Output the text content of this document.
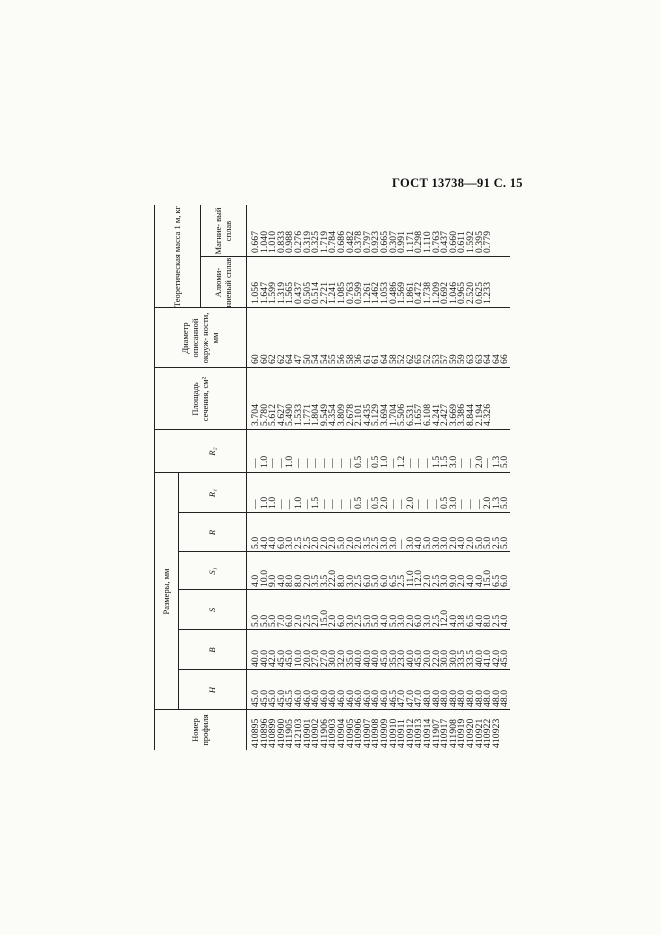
ГОСТ 13738—91 С. 15
Номер профиля
Размеры, мм
H
B
S
S₁
R
R₁
R₂
Площадь сечения, см²
Диаметр описанной окруж- ности, мм
Теоретическая масса 1 м, кг	Алюми- ниевый сплав
Магние- вый сплав
410895
45.0
40.0
5.0
4.0
5.0
—
—
3.704
60
1.056
0.667
410896
45.0
40.0
5.0
10.0
4.0
1.0
1.0
5.780
60
1.647
1.040
410899
45.0
42.0
5.0
9.0
4.0
1.0
—
5.612
62
1.599
1.010
410900
45.0
45.0
7.0
4.0
6.0
—
—
4.627
62
1.319
0.833
411905
45.5
45.0
6.0
8.0
3.0
—
1.0
5.490
64
1.565
0.988
412103
46.0
10.0
2.0
8.0
2.5
1.0
—
1.533
47
0.437
0.276
410901
46.0
20.0
2.5
2.0
2.5
—
—
1.771
50
0.505
0.319
410902
46.0
27.0
2.0
3.5
2.0
1.5
—
1.804
54
0.514
0.325
411906
46.0
27.0
15.0
3.5
2.0
—
—
9.549
54
2.721
1.719
410903
46.0
30.0
2.0
22.0
2.0
—
—
4.354
55
1.241
0.784
410904
46.0
32.0
6.0
8.0
5.0
—
—
3.809
56
1.085
0.686
410905
46.0
35.0
3.0
3.0
2.0
—
—
2.678
58
0.763
0.482
410906
46.0
40.0
2.5
2.5
2.0
0.5
0.5
2.101
36
0.599
0.378
410907
46.0
40.0
5.0
6.0
3.5
—
—
4.435
61
1.261
0.797
410908
46.0
40.0
5.0
5.0
2.5
0.5
0.5
5.129
61
1.462
0.923
410909
46.0
45.0
4.0
6.0
3.0
2.0
1.0
3.694
64
1.053
0.665
410910
46.5
35.0
5.0
6.5
3.0
—
—
1.704
58
0.486
0.307
410911
47.0
23.0
3.0
2.5
—
—
1.2
5.506
52
1.569
0.991
410912
47.0
40.0
2.0
11.0
3.0
2.0
—
6.531
62
1.861
1.171
410913
47.0
45.0
6.0
12.0
4.0
—
—
1.657
65
0.472
0.298
410914
48.0
20.0
3.0
2.0
5.0
—
—
6.108
52
1.738
1.110
411907
48.0
22.0
2.5
2.5
3.0
—
1.5
4.241
53
1.209
0.763
410917
48.0
30.0
12.0
3.0
3.0
0.5
1.5
2.427
57
0.692
0.437
411908
48.0
30.0
4.0
9.0
2.0
3.0
3.0
3.669
59
1.046
0.660
410919
48.0
33.5
3.8
2.0
4.0
—
—
3.386
59
0.965
0.611
410920
48.0
33.5
6.5
4.0
2.0
—
—
8.844
63
2.520
1.592
410921
48.0
40.0
4.0
4.0
5.0
—
2.0
2.194
63
0.625
0.395
410922
48.0
41.0
8.0
15.0
5.0
2.0
—
4.326
64
1.233
0.779
410923
48.0
42.0
2.5
6.5
2.5
1.3
1.3
64
48.0
45.0
4.0
6.0
5.0
5.0
5.0
66
